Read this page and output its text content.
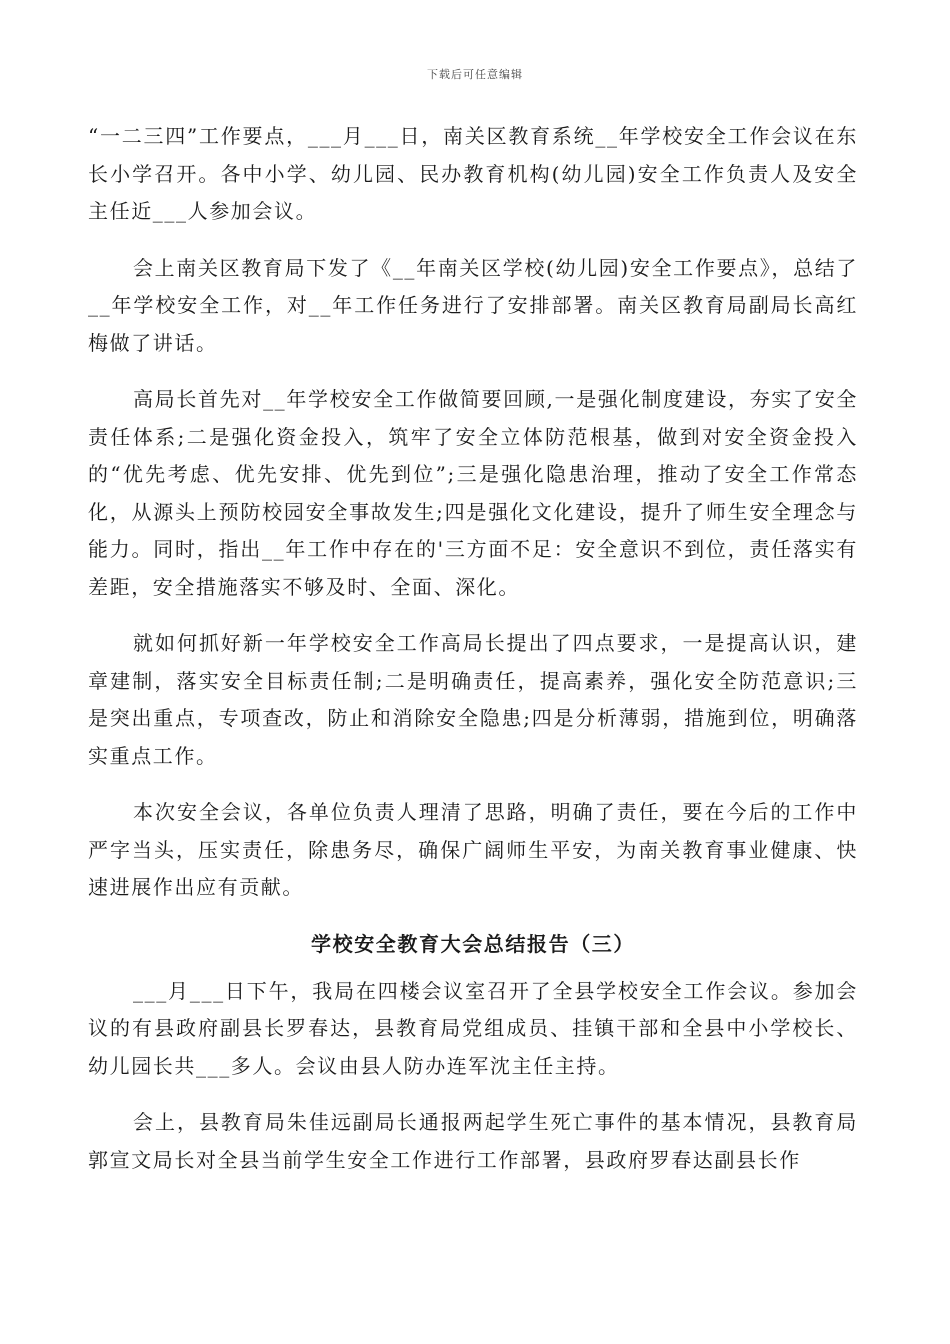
下载后可任意编辑

“一二三四”工作要点，___月___日，南关区教育系统__年学校安全工作会议在东长小学召开。各中小学、幼儿园、民办教育机构(幼儿园)安全工作负责人及安全主任近___人参加会议。

会上南关区教育局下发了《__年南关区学校(幼儿园)安全工作要点》，总结了__年学校安全工作，对__年工作任务进行了安排部署。南关区教育局副局长高红梅做了讲话。

高局长首先对__年学校安全工作做简要回顾,一是强化制度建设，夯实了安全责任体系;二是强化资金投入，筑牢了安全立体防范根基，做到对安全资金投入的“优先考虑、优先安排、优先到位”;三是强化隐患治理，推动了安全工作常态化，从源头上预防校园安全事故发生;四是强化文化建设，提升了师生安全理念与能力。同时，指出__年工作中存在的'三方面不足：安全意识不到位，责任落实有差距，安全措施落实不够及时、全面、深化。

就如何抓好新一年学校安全工作高局长提出了四点要求，一是提高认识，建章建制，落实安全目标责任制;二是明确责任，提高素养，强化安全防范意识;三是突出重点，专项查改，防止和消除安全隐患;四是分析薄弱，措施到位，明确落实重点工作。

本次安全会议，各单位负责人理清了思路，明确了责任，要在今后的工作中严字当头，压实责任，除患务尽，确保广阔师生平安，为南关教育事业健康、快速进展作出应有贡献。

学校安全教育大会总结报告（三）

___月___日下午，我局在四楼会议室召开了全县学校安全工作会议。参加会议的有县政府副县长罗春达，县教育局党组成员、挂镇干部和全县中小学校长、幼儿园长共___多人。会议由县人防办连军沈主任主持。

会上，县教育局朱佳远副局长通报两起学生死亡事件的基本情况，县教育局郭宣文局长对全县当前学生安全工作进行工作部署，县政府罗春达副县长作
